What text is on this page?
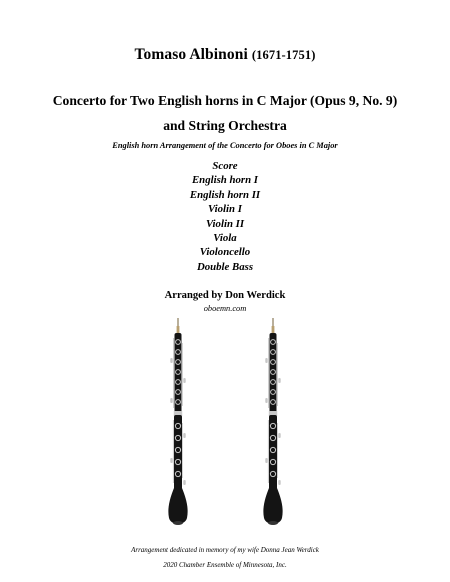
Tomaso Albinoni (1671-1751)
Concerto for Two English horns in C Major (Opus 9, No. 9)
and String Orchestra
English horn Arrangement of the Concerto for Oboes in C Major
Score
English horn I
English horn II
Violin I
Violin II
Viola
Violoncello
Double Bass
Arranged by Don Werdick
oboemn.com
Arrangement dedicated in memory of my wife Donna Jean Werdick
2020 Chamber Ensemble of Minnesota, Inc.
